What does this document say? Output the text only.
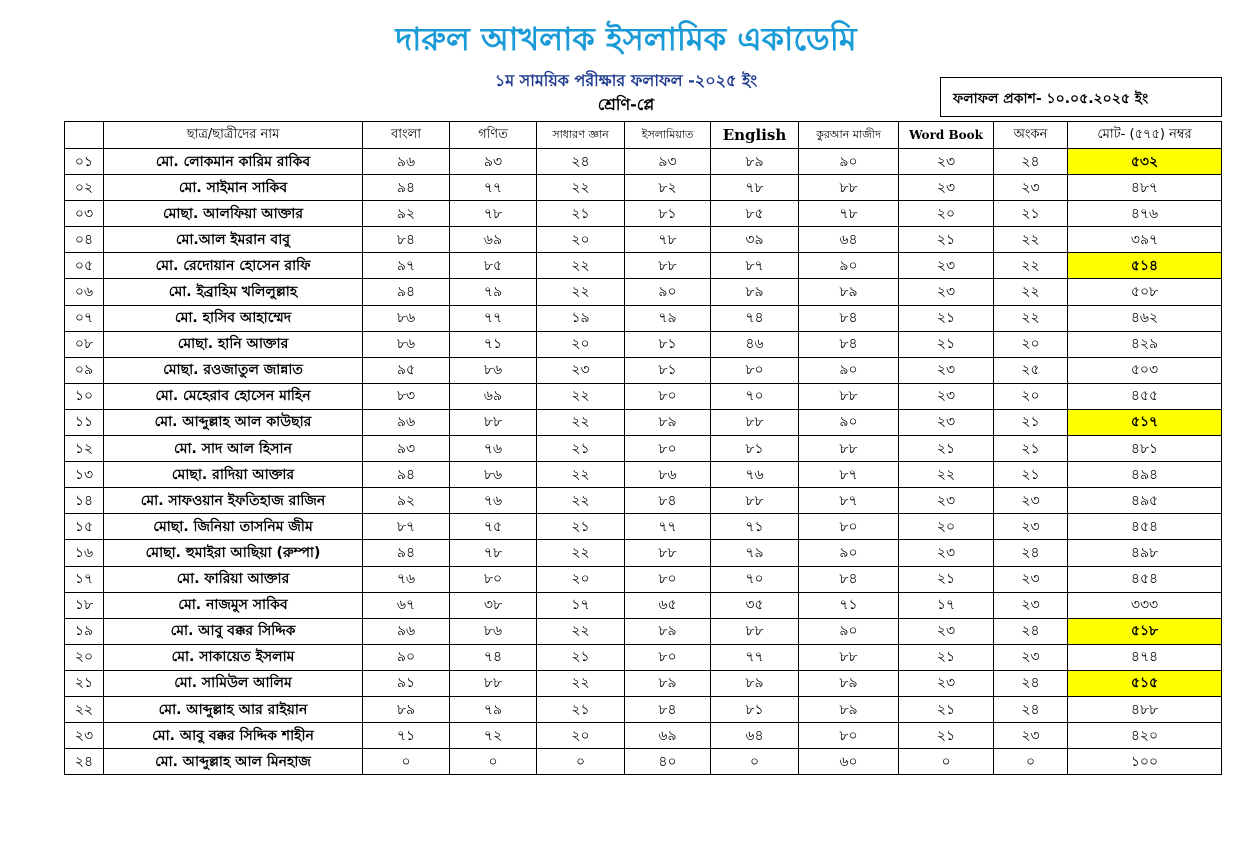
দারুল আখলাক ইসলামিক একাডেমি
১ম সাময়িক পরীক্ষার ফলাফল -২০২৫ ইং
শ্রেণি-প্লে	ফলাফল প্রকাশ- ১০.০৫.২০২৫ ইং
	ছাত্র/ছাত্রীদের নাম	বাংলা	গণিত	সাধারণ জ্ঞান	ইসলামিয়াত	English	কুরআন মাজীদ	Word Book	অংকন	মোট- (৫৭৫) নম্বর
০১	মো. লোকমান কারিম রাকিব	৯৬	৯৩	২৪	৯৩	৮৯	৯০	২৩	২৪	৫৩২
০২	মো. সাইমান সাকিব	৯৪	৭৭	২২	৮২	৭৮	৮৮	২৩	২৩	৪৮৭
০৩	মোছা. আলফিয়া আক্তার	৯২	৭৮	২১	৮১	৮৫	৭৮	২০	২১	৪৭৬
০৪	মো.আল ইমরান বাবু	৮৪	৬৯	২০	৭৮	৩৯	৬৪	২১	২২	৩৯৭
০৫	মো. রেদোয়ান হোসেন রাফি	৯৭	৮৫	২২	৮৮	৮৭	৯০	২৩	২২	৫১৪
০৬	মো. ইব্রাহিম খলিলুল্লাহ	৯৪	৭৯	২২	৯০	৮৯	৮৯	২৩	২২	৫০৮
০৭	মো. হাসিব আহাম্মেদ	৮৬	৭৭	১৯	৭৯	৭৪	৮৪	২১	২২	৪৬২
০৮	মোছা. হানি আক্তার	৮৬	৭১	২০	৮১	৪৬	৮৪	২১	২০	৪২৯
০৯	মোছা. রওজাতুল জান্নাত	৯৫	৮৬	২৩	৮১	৮০	৯০	২৩	২৫	৫০৩
১০	মো. মেহেরাব হোসেন মাহিন	৮৩	৬৯	২২	৮০	৭০	৮৮	২৩	২০	৪৫৫
১১	মো. আব্দুল্লাহ আল কাউছার	৯৬	৮৮	২২	৮৯	৮৮	৯০	২৩	২১	৫১৭
১২	মো. সাদ আল হিসান	৯৩	৭৬	২১	৮০	৮১	৮৮	২১	২১	৪৮১
১৩	মোছা. রাদিয়া আক্তার	৯৪	৮৬	২২	৮৬	৭৬	৮৭	২২	২১	৪৯৪
১৪	মো. সাফওয়ান ইফতিহাজ রাজিন	৯২	৭৬	২২	৮৪	৮৮	৮৭	২৩	২৩	৪৯৫
১৫	মোছা. জিনিয়া তাসনিম জীম	৮৭	৭৫	২১	৭৭	৭১	৮০	২০	২৩	৪৫৪
১৬	মোছা. হুমাইরা আছিয়া (রুম্পা)	৯৪	৭৮	২২	৮৮	৭৯	৯০	২৩	২৪	৪৯৮
১৭	মো. ফারিয়া আক্তার	৭৬	৮০	২০	৮০	৭০	৮৪	২১	২৩	৪৫৪
১৮	মো. নাজমুস সাকিব	৬৭	৩৮	১৭	৬৫	৩৫	৭১	১৭	২৩	৩৩৩
১৯	মো. আবু বক্কর সিদ্দিক	৯৬	৮৬	২২	৮৯	৮৮	৯০	২৩	২৪	৫১৮
২০	মো. সাকায়েত ইসলাম	৯০	৭৪	২১	৮০	৭৭	৮৮	২১	২৩	৪৭৪
২১	মো. সামিউল আলিম	৯১	৮৮	২২	৮৯	৮৯	৮৯	২৩	২৪	৫১৫
২২	মো. আব্দুল্লাহ আর রাইয়ান	৮৯	৭৯	২১	৮৪	৮১	৮৯	২১	২৪	৪৮৮
২৩	মো. আবু বক্কর সিদ্দিক শাহীন	৭১	৭২	২০	৬৯	৬৪	৮০	২১	২৩	৪২০
২৪	মো. আব্দুল্লাহ আল মিনহাজ	০	০	০	৪০	০	৬০	০	০	১০০
